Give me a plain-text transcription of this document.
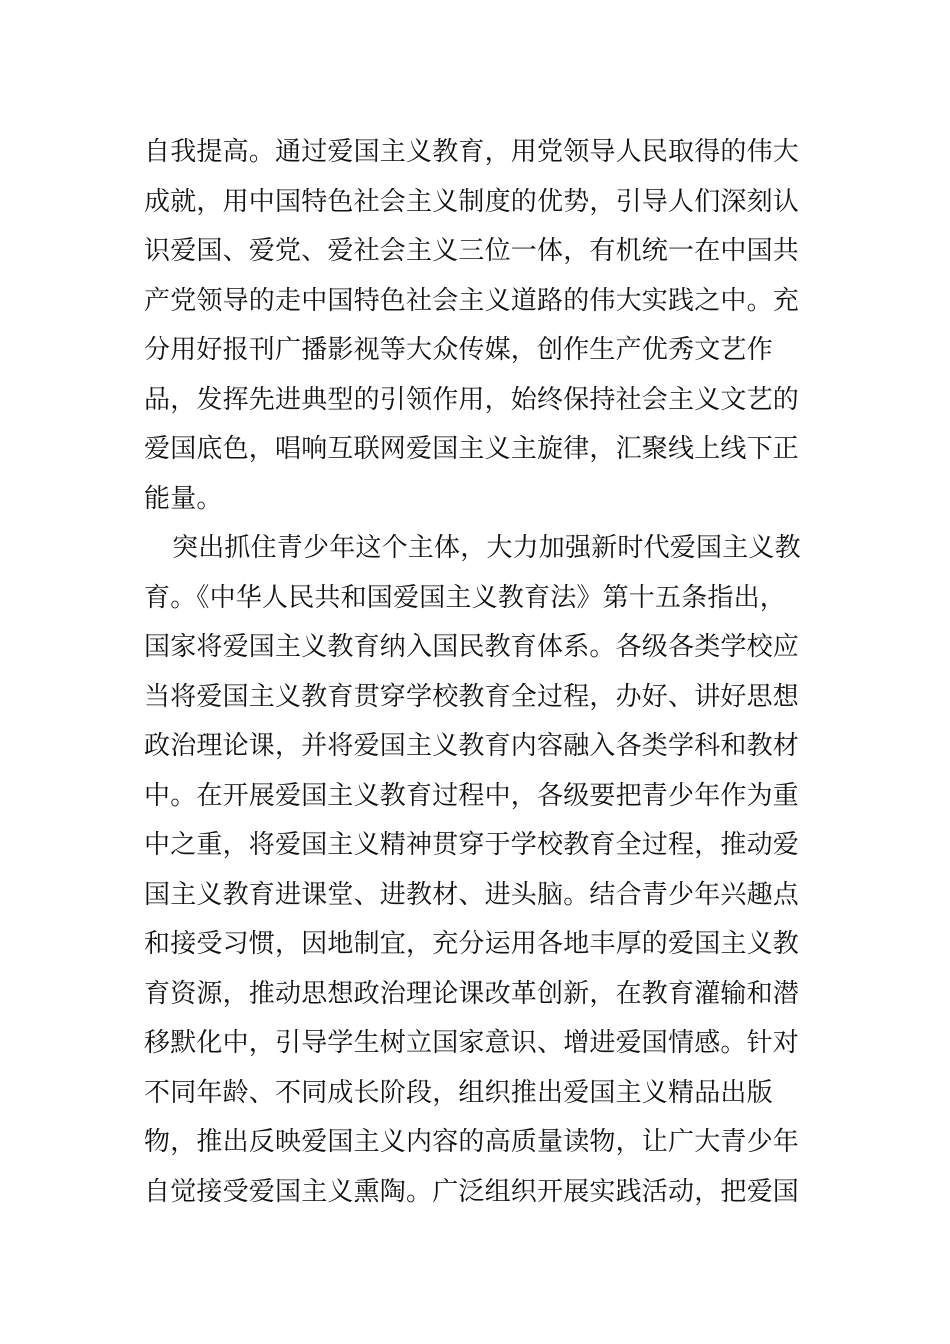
自我提高。通过爱国主义教育，用党领导人民取得的伟大
成就，用中国特色社会主义制度的优势，引导人们深刻认
识爱国、爱党、爱社会主义三位一体，有机统一在中国共
产党领导的走中国特色社会主义道路的伟大实践之中。充
分用好报刊广播影视等大众传媒，创作生产优秀文艺作
品，发挥先进典型的引领作用，始终保持社会主义文艺的
爱国底色，唱响互联网爱国主义主旋律，汇聚线上线下正
能量。
突出抓住青少年这个主体，大力加强新时代爱国主义教
育。《中华人民共和国爱国主义教育法》第十五条指出，
国家将爱国主义教育纳入国民教育体系。各级各类学校应
当将爱国主义教育贯穿学校教育全过程，办好、讲好思想
政治理论课，并将爱国主义教育内容融入各类学科和教材
中。在开展爱国主义教育过程中，各级要把青少年作为重
中之重，将爱国主义精神贯穿于学校教育全过程，推动爱
国主义教育进课堂、进教材、进头脑。结合青少年兴趣点
和接受习惯，因地制宜，充分运用各地丰厚的爱国主义教
育资源，推动思想政治理论课改革创新，在教育灌输和潜
移默化中，引导学生树立国家意识、增进爱国情感。针对
不同年龄、不同成长阶段，组织推出爱国主义精品出版
物，推出反映爱国主义内容的高质量读物，让广大青少年
自觉接受爱国主义熏陶。广泛组织开展实践活动，把爱国
